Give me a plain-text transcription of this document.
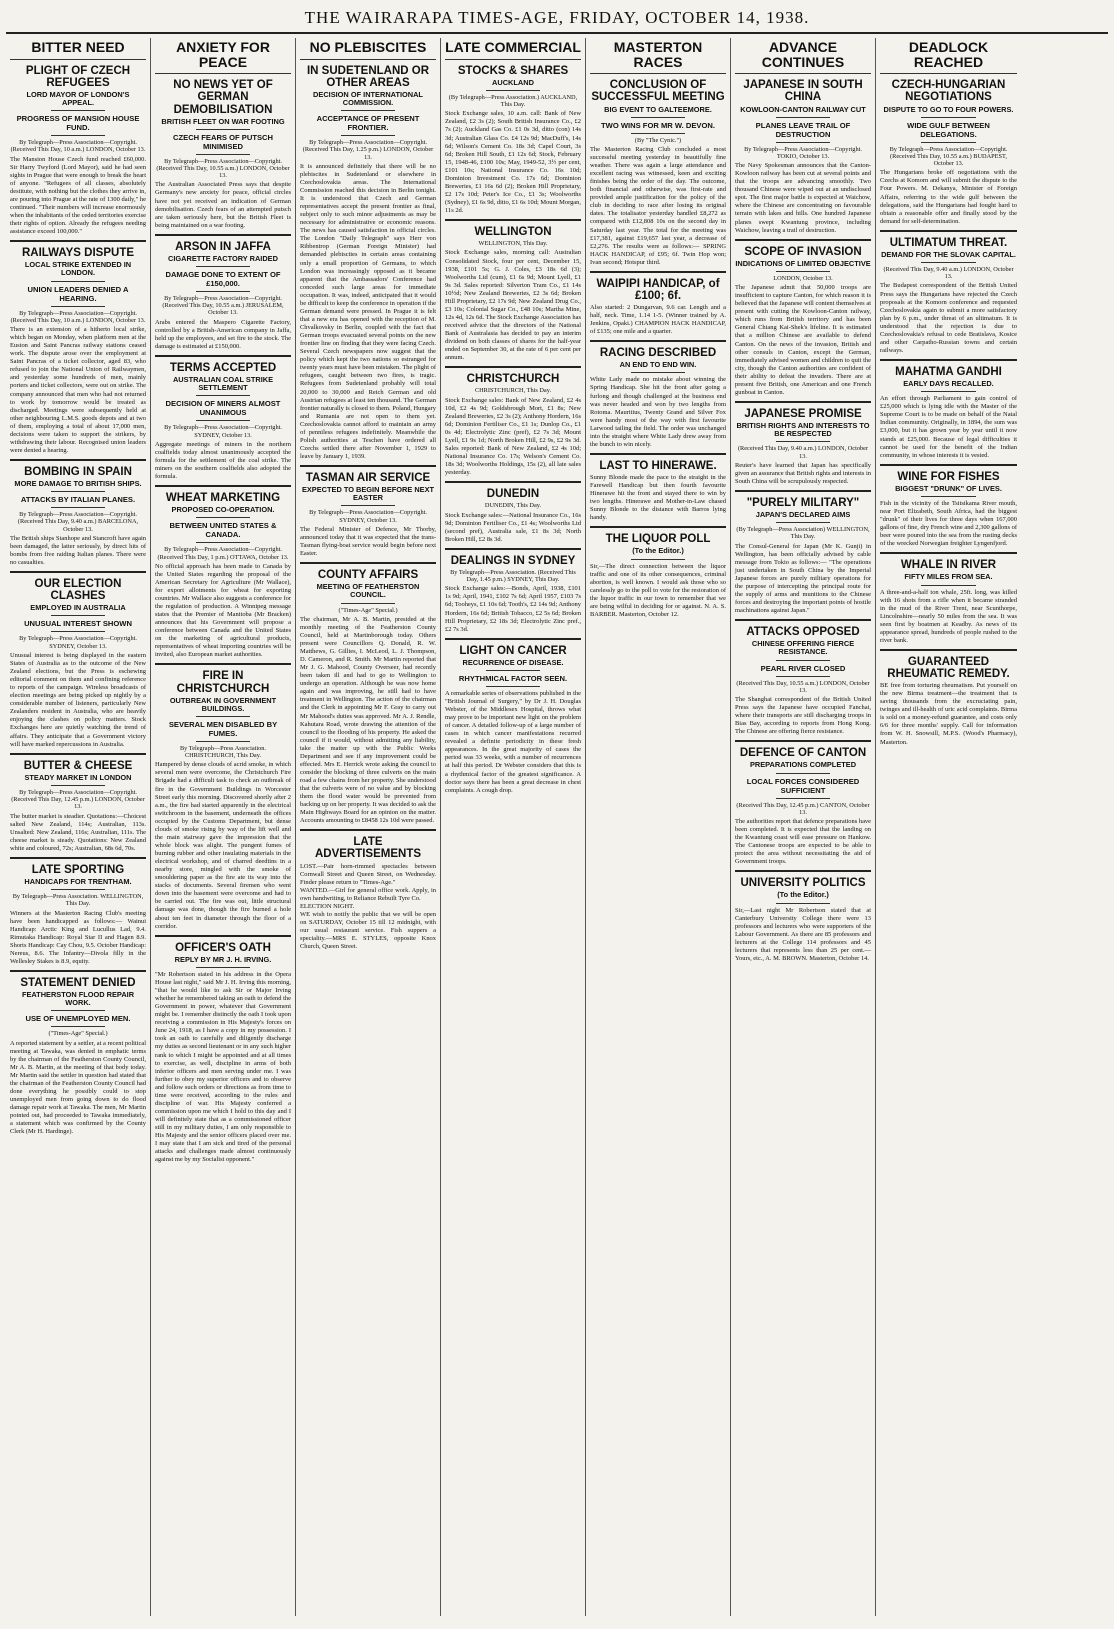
THE WAIRARAPA TIMES-AGE, FRIDAY, OCTOBER 14, 1938.
BITTER NEED
PLIGHT OF CZECH REFUGEES
LORD MAYOR OF LONDON'S APPEAL.
PROGRESS OF MANSION HOUSE FUND.
By Telegraph—Press Association—Copyright. (Received This Day, 10 a.m.) LONDON, October 13.

The Mansion House Czech fund reached £60,000. Sir Harry Twyford (Lord Mayor), said he had seen sights in Prague that were enough to break the heart of anyone. "Refugees of all classes, absolutely destitute, with nothing but the clothes they arrive in, are pouring into Prague at the rate of 1300 daily," he continued. "Their numbers will increase enormously when the inhabitants of the ceded territories exercise their rights of option. Already the refugees needing assistance exceed 100,000."

RAILWAYS DISPUTE
LOCAL STRIKE EXTENDED IN LONDON.
UNION LEADERS DENIED A HEARING.
By Telegraph—Press Association—Copyright. (Received This Day, 10 a.m.) LONDON, October 13.

There is an extension of a hitherto local strike, which began on Monday, when platform men at the Euston and Saint Pancras railway stations ceased work. The dispute arose over the employment at Saint Pancras of a ticket collector, aged 83, who refused to join the National Union of Railwaymen, and yesterday some hundreds of men, mainly porters and ticket collectors, were out on strike. The company announced that men who had not returned to work by tomorrow would be treated as discharged. Meetings were subsequently held at other neighbouring L.M.S. goods depots and at two of them, employing a total of about 17,000 men, decisions were taken to support the strikers, by withdrawing their labour. Recognised union leaders were denied a hearing.

BOMBING IN SPAIN
MORE DAMAGE TO BRITISH SHIPS.
ATTACKS BY ITALIAN PLANES.
By Telegraph—Press Association—Copyright. (Received This Day, 9.40 a.m.) BARCELONA, October 13.

The British ships Stanhope and Stancroft have again been damaged, the latter seriously, by direct hits of bombs from five raiding Italian planes. There were no casualties.

OUR ELECTION CLASHES
EMPLOYED IN AUSTRALIA
UNUSUAL INTEREST SHOWN
By Telegraph—Press Association—Copyright. SYDNEY, October 13.

Unusual interest is being displayed in the eastern States of Australia as to the outcome of the New Zealand elections, but the Press is eschewing editorial comment on them and confining reference to reports of the campaign. Wireless broadcasts of election meetings are being picked up nightly by a considerable number of listeners, particularly New Zealanders resident in Australia, who are heavily enjoying the clashes on policy matters. Stock Exchanges here are quietly watching the trend of affairs. They anticipate that a Government victory will have marked repercussions in Australia.

BUTTER & CHEESE
STEADY MARKET IN LONDON
By Telegraph—Press Association—Copyright. (Received This Day, 12.45 p.m.) LONDON, October 13.

The butter market is steadier. Quotations:—Choicest salted New Zealand, 114s; Australian, 113s. Unsalted: New Zealand, 116s; Australian, 111s. The cheese market is steady. Quotations: New Zealand white and coloured, 72s; Australian, 68s 6d, 70s.

LATE SPORTING
HANDICAPS FOR TRENTHAM.
By Telegraph—Press Association. WELLINGTON, This Day.

Winners at the Masterton Racing Club's meeting have been handicapped as follows:— Wainui Handicap: Arctic King and Lucullus Lad, 9.4. Rimutaka Handicap: Royal Star II and Hagen 8.9. Shorts Handicap: Cay Chou, 9.5. October Handicap: Nereus, 8.6. The Infantry—Divola filly in the Wellesley Stakes is 8.9, equity.

STATEMENT DENIED
FEATHERSTON FLOOD REPAIR WORK.
USE OF UNEMPLOYED MEN.
("Times-Age" Special.)

A reported statement by a settler, at a recent political meeting at Tawaka, was denied in emphatic terms by the chairman of the Featherston County Council, Mr A. B. Martin, at the meeting of that body today. Mr Martin said the settler in question had stated that the chairman of the Featherston County Council had done everything he possibly could to stop unemployed men from going down to do flood damage repair work at Tawaka. The men, Mr Martin pointed out, had proceeded to Tawaka immediately, a statement which was confirmed by the County Clerk (Mr H. Hardinge).

ANXIETY FOR PEACE
NO NEWS YET OF GERMAN DEMOBILISATION
BRITISH FLEET ON WAR FOOTING
CZECH FEARS OF PUTSCH MINIMISED
By Telegraph—Press Association—Copyright. (Received This Day, 10.55 a.m.) LONDON, October 13.

The Australian Associated Press says that despite Germany's new anxiety for peace, official circles have not yet received an indication of German demobilisation. Czech fears of an attempted putsch are taken seriously here, but the British Fleet is being maintained on a war footing.

ARSON IN JAFFA
CIGARETTE FACTORY RAIDED
DAMAGE DONE TO EXTENT OF £150,000.
By Telegraph—Press Association—Copyright. (Received This Day, 10.55 a.m.) JERUSALEM, October 13.

Arabs entered the Maspero Cigarette Factory, controlled by a British-American company in Jaffa, held up the employees, and set fire to the stock. The damage is estimated at £150,000.

TERMS ACCEPTED
AUSTRALIAN COAL STRIKE SETTLEMENT
DECISION OF MINERS ALMOST UNANIMOUS
By Telegraph—Press Association—Copyright. SYDNEY, October 13.

Aggregate meetings of miners in the northern coalfields today almost unanimously accepted the formula for the settlement of the coal strike. The miners on the southern coalfields also adopted the formula.

WHEAT MARKETING
PROPOSED CO-OPERATION.
BETWEEN UNITED STATES & CANADA.
By Telegraph—Press Association—Copyright. (Received This Day, 1 p.m.) OTTAWA, October 13.

No official approach has been made to Canada by the United States regarding the proposal of the American Secretary for Agriculture (Mr Wallace), for export allotments for wheat for exporting countries. Mr Wallace also suggests a conference for the regulation of production. A Winnipeg message states that the Premier of Manitoba (Mr Bracken) announces that his Government will propose a conference between Canada and the United States on the marketing of agricultural products, representatives of wheat importing countries will be invited, also European market authorities.

FIRE IN CHRISTCHURCH
OUTBREAK IN GOVERNMENT BUILDINGS.
SEVERAL MEN DISABLED BY FUMES.
By Telegraph—Press Association. CHRISTCHURCH, This Day.

Hampered by dense clouds of acrid smoke, in which several men were overcome, the Christchurch Fire Brigade had a difficult task to check an outbreak of fire in the Government Buildings in Worcester Street early this morning. Discovered shortly after 2 a.m., the fire had started apparently in the electrical switchroom in the basement, underneath the offices occupied by the Customs Department, but dense clouds of smoke rising by way of the lift well and the main stairway gave the impression that the whole block was alight. The pungent fumes of burning rubber and other insulating materials in the electrical workshop, and of charred deedtins in a nearby store, mingled with the smoke of smouldering paper as the fire ate its way into the stacks of documents. Several firemen who went down into the basement were overcome and had to be carried out. The fire was out, little structural damage was done, though the fire burned a hole about ten feet in diameter through the floor of a corridor.

OFFICER'S OATH
REPLY BY MR J. H. IRVING.

"Mr Robertson stated in his address in the Opera House last night," said Mr J. H. Irving this morning, "that he would like to ask Sir or Major Irving whether he remembered taking an oath to defend the Government in power, whatever that Government might be. I remember distinctly the oath I took upon receiving a commission in His Majesty's forces on June 24, 1918, as I have a copy in my possession. I took an oath to carefully and diligently discharge my duties as second lieutenant or in any such higher rank to which I might be appointed and at all times to exercise, as well, discipline in arms of both inferior officers and men serving under me. I was further to obey my superior officers and to observe and follow such orders or directions as from time to time were received, according to the rules and discipline of war. His Majesty conferred a commission upon me which I hold to this day and I will definitely state that as a commissioned officer still in my military duties, I am only responsible to His Majesty and the senior officers placed over me. I may state that I am sick and tired of the personal attacks and challenges made almost continuously against me by my Socialist opponent."

NO PLEBISCITES
IN SUDETENLAND OR OTHER AREAS
DECISION OF INTERNATIONAL COMMISSION.
ACCEPTANCE OF PRESENT FRONTIER.
By Telegraph—Press Association—Copyright. (Received This Day, 1.25 p.m.) LONDON, October 13.

It is announced definitely that there will be no plebiscites in Sudetenland or elsewhere in Czechoslovakia areas. The International Commission reached this decision in Berlin tonight. It is understood that Czech and German representatives accept the present frontier as final, subject only to such minor adjustments as may be necessary for administrative or economic reasons. The news has caused satisfaction in official circles. The London "Daily Telegraph" says Herr von Ribbentrop (German Foreign Minister) had demanded plebiscites in certain areas containing only a small proportion of Germans, to which London was increasingly opposed as it became apparent that the Ambassadors' Conference had conceded such large areas for immediate occupation. It was, indeed, anticipated that it would be difficult to keep the conference in operation if the German demand were pressed. In Prague it is felt that a new era has opened with the reception of M. Chvalkovsky in Berlin, coupled with the fact that German troops evacuated several points on the new frontier line on finding that they were facing Czech. Several Czech newspapers now suggest that the policy which kept the two nations so estranged for twenty years must have been mistaken. The plight of refugees, caught between two fires, is tragic. Refugees from Sudetenland probably will total 20,000 to 30,000 and Reich German and old Austrian refugees at least ten thousand. The German frontier naturally is closed to them. Poland, Hungary and Rumania are not open to them yet. Czechoslovakia cannot afford to maintain an army of penniless refugees indefinitely. Meanwhile the Polish authorities at Teschen have ordered all Czechs settled there after November 1, 1929 to leave by January 1, 1939.

TASMAN AIR SERVICE
EXPECTED TO BEGIN BEFORE NEXT EASTER
By Telegraph—Press Association—Copyright. SYDNEY, October 13.

The Federal Minister of Defence, Mr Thorby, announced today that it was expected that the trans-Tasman flying-boat service would begin before next Easter.

COUNTY AFFAIRS
MEETING OF FEATHERSTON COUNCIL.
("Times-Age" Special.)

The chairman, Mr A. B. Martin, presided at the monthly meeting of the Featherston County Council, held at Martinborough today. Others present were Councillors Q. Donald, R. W. Matthews, G. Gillies, I. McLeod, L. J. Thompson, D. Cameron, and R. Smith. Mr Martin reported that Mr J. G. Mahood, County Overseer, had recently been taken ill and had to go to Wellington to undergo an operation. Although he was now home again and was improving, he still had to have treatment in Wellington. The action of the chairman and the Clerk in appointing Mr F. Gray to carry out Mr Mahood's duties was approved. Mr A. J. Rendle, Kahutara Road, wrote drawing the attention of the council to the flooding of his property. He asked the council if it would, without admitting any liability, take the matter up with the Public Works Department and see if any improvement could be effected. Mrs E. Herrick wrote asking the council to consider the blocking of three culverts on the main road a few chains from her property. She understood that the culverts were of no value and by blocking them the flood water would be prevented from backing up on her property. It was decided to ask the Main Highways Board for an opinion on the matter. Accounts amounting to £8458 12s 10d were passed.

LATE ADVERTISEMENTS

LOST.—Pair horn-rimmed spectacles between Cornwall Street and Queen Street, on Wednesday. Finder please return to "Times-Age."
WANTED.—Girl for general office work. Apply, in own handwriting, to Reliance Rebuilt Tyre Co.
ELECTION NIGHT.
WE wish to notify the public that we will be open on SATURDAY, October 15 till 12 midnight, with our usual restaurant service. Fish suppers a speciality.—MRS E. STYLES, opposite Knox Church, Queen Street.

LATE COMMERCIAL
STOCKS & SHARES
AUCKLAND
(By Telegraph—Press Association.) AUCKLAND, This Day.

Stock Exchange sales, 10 a.m. call: Bank of New Zealand, £2 3s (2); South British Insurance Co., £2 7s (2); Auckland Gas Co. £1 0s 3d, ditto (con) 14s 3d; Australian Glass Co. £4 12s 9d; MacDuff's, 14s 6d; Wilson's Cement Co. 18s 3d; Capel Court, 3s 6d; Broken Hill South, £1 12s 6d; Stock, February 15, 1948-46, £100 10s; May, 1949-52, 3½ per cent, £101 10s; National Insurance Co. 16s 10d; Dominion Investment Co. 17s 6d; Dominion Breweries, £1 16s 6d (2); Broken Hill Proprietary, £2 17s 10d; Peter's Ice Co., £1 3s; Woolworths (Sydney), £1 6s 9d, ditto, £1 6s 10d; Mount Morgan, 11s 2d.

WELLINGTON
WELLINGTON, This Day.

Stock Exchange sales, morning call: Australian Consolidated Stock, four per cent, December 15, 1938, £101 5s; G. J. Coles, £3 18s 6d (3); Woolworths Ltd (cum), £1 6s 9d; Mount Lyell, £1 9s 3d. Sales reported: Silverton Tram Co., £1 14s 10½d; New Zealand Breweries, £2 3s 6d; Broken Hill Proprietary, £2 17s 9d; New Zealand Drug Co., £3 10s; Colonial Sugar Co., £48 10s; Martha Mine, 12s 4d, 12s 6d. The Stock Exchange Association has received advice that the directors of the National Bank of Australasia has decided to pay an interim dividend on both classes of shares for the half-year ended on September 30, at the rate of 6 per cent per annum.

CHRISTCHURCH
CHRISTCHURCH, This Day.

Stock Exchange sales: Bank of New Zealand, £2 4s 10d, £2 4s 9d; Goldsbrough Mort, £1 8s; New Zealand Breweries, £2 3s (2); Anthony Hordern, 16s 6d; Dominion Fertiliser Co., £1 1s; Dunlop Co., £1 0s 4d; Electrolytic Zinc (pref), £2 7s 3d; Mount Lyell, £1 9s 1d; North Broken Hill, £2 9s, £2 9s 3d. Sales reported: Bank of New Zealand, £2 4s 10d; National Insurance Co. 17s; Welson's Cement Co. 18s 3d; Woolworths Holdings, 15s (2), all late sales yesterday.

DUNEDIN
DUNEDIN, This Day.

Stock Exchange sales:—National Insurance Co., 16s 9d; Dominion Fertiliser Co., £1 4s; Woolworths Ltd (second pref), Australia sale, £1 8s 3d; North Broken Hill, £2 8s 3d.

DEALINGS IN SYDNEY
By Telegraph—Press Association. (Received This Day, 1.45 p.m.) SYDNEY, This Day.

Stock Exchange sales:—Bonds, April, 1938, £101 1s 9d; April, 1941, £102 7s 6d; April 1957, £103 7s 6d; Tooheys, £1 10s 6d; Tooth's, £2 14s 9d; Anthony Hordern, 16s 6d; British Tobacco, £2 5s 6d; Broken Hill Proprietary, £2 18s 3d; Electrolytic Zinc pref., £2 7s 3d.

LIGHT ON CANCER
RECURRENCE OF DISEASE.
RHYTHMICAL FACTOR SEEN.

A remarkable series of observations published in the "British Journal of Surgery," by Dr J. H. Douglas Webster, of the Middlesex Hospital, throws what may prove to be important new light on the problem of cancer. A detailed follow-up of a large number of cases in which cancer manifestations recurred revealed a definite periodicity in these fresh appearances. In the great majority of cases the period was 33 weeks, with a number of recurrences at half this period. Dr Webster considers that this is a rhythmical factor of the greatest significance. A doctor says there has been a great decrease in chest complaints. A cough drop.

MASTERTON RACES
CONCLUSION OF SUCCESSFUL MEETING
BIG EVENT TO GALTEEMORE.
TWO WINS FOR MR W. DEVON.
(By "The Cynic.")

The Masterton Racing Club concluded a most successful meeting yesterday in beautifully fine weather. There was again a large attendance and excellent racing was witnessed, keen and exciting finishes being the order of the day. The outcome, both financial and otherwise, was first-rate and provided ample justification for the policy of the club in deciding to race after losing its original dates. The totalisator yesterday handled £8,272 as compared with £12,808 10s on the second day in Saturday last year. The total for the meeting was £17,381, against £19,657 last year, a decrease of £2,276. The results were as follows:— SPRING HACK HANDICAP, of £95; 6f. Twin Hop won; Ivan second; Hotspur third.

WAIPIPI HANDICAP, of £100; 6f.

Also started: 2 Dungarvan, 9.6 car. Length and a half, neck. Time, 1.14 1-5. (Winner trained by A. Jenkins, Opaki.) CHAMPION HACK HANDICAP, of £135; one mile and a quarter.

RACING DESCRIBED
AN END TO END WIN.

White Lady made no mistake about winning the Spring Handicap. She hit the front after going a furlong and though challenged at the business end was never headed and won by two lengths from Rotoma. Mauritius, Twenty Grand and Silver Fox were handy most of the way with first favourite Larwood tailing the field. The order was unchanged into the straight where White Lady drew away from the bunch to win nicely.

LAST TO HINERAWE.

Sunny Blonde made the pace to the straight in the Farewell Handicap but then fourth favourite Hinerawe hit the front and stayed there to win by two lengths. Hinerawe and Mother-in-Law chased Sunny Blonde to the distance with Barros lying handy.

THE LIQUOR POLL
(To the Editor.)

Sir,—The direct connection between the liquor traffic and one of its other consequences, criminal abortion, is well known. I would ask those who so carelessly go to the poll to vote for the restoration of the liquor traffic in our town to remember that we are being wilful in deciding for or against. N. A. S. BARBER. Masterton, October 12.

ADVANCE CONTINUES
JAPANESE IN SOUTH CHINA
KOWLOON-CANTON RAILWAY CUT
PLANES LEAVE TRAIL OF DESTRUCTION
By Telegraph—Press Association—Copyright. TOKIO, October 13.

The Navy Spokesman announces that the Canton-Kowloon railway has been cut at several points and that the troops are advancing smoothly. Two thousand Chinese were wiped out at an undisclosed spot. The first major battle is expected at Waichow, where the Chinese are concentrating on favourable terrain with lakes and hills. One hundred Japanese planes swept Kwantung province, including Waichow, leaving a trail of destruction.

SCOPE OF INVASION
INDICATIONS OF LIMITED OBJECTIVE
LONDON, October 13.

The Japanese admit that 50,000 troops are insufficient to capture Canton, for which reason it is believed that the Japanese will content themselves at present with cutting the Kowloon-Canton railway, which runs from British territory and has been General Chiang Kai-Shek's lifeline. It is estimated that a million Chinese are available to defend Canton. On the news of the invasion, British and other consuls in Canton, except the German, immediately advised women and children to quit the city, though the Canton authorities are confident of their ability to defeat the invaders. There are at present five British, one American and one French gunboat in Canton.

JAPANESE PROMISE
BRITISH RIGHTS AND INTERESTS TO BE RESPECTED
(Received This Day, 9.40 a.m.) LONDON, October 13.

Reuter's have learned that Japan has specifically given an assurance that British rights and interests in South China will be scrupulously respected.

"PURELY MILITARY"
JAPAN'S DECLARED AIMS
(By Telegraph—Press Association) WELLINGTON, This Day.

The Consul-General for Japan (Mr K. Gunji) in Wellington, has been officially advised by cable message from Tokio as follows:— "The operations just undertaken in South China by the Imperial Japanese forces are purely military operations for the purpose of intercepting the principal route for the supply of arms and munitions to the Chinese forces and destroying the important points of hostile machinations against Japan."

ATTACKS OPPOSED
CHINESE OFFERING FIERCE RESISTANCE.
PEARL RIVER CLOSED
(Received This Day, 10.55 a.m.) LONDON, October 13.

The Shanghai correspondent of the British United Press says the Japanese have occupied Fanchai, where their transports are still discharging troops in Bias Bay, according to reports from Hong Kong. The Chinese are offering fierce resistance.

DEFENCE OF CANTON
PREPARATIONS COMPLETED
LOCAL FORCES CONSIDERED SUFFICIENT
(Received This Day, 12.45 p.m.) CANTON, October 13.

The authorities report that defence preparations have been completed. It is expected that the landing on the Kwantung coast will ease pressure on Hankow. The Cantonese troops are expected to be able to protect the area without necessitating the aid of Government troops.

UNIVERSITY POLITICS
(To the Editor.)

Sir,—Last night Mr Robertson stated that at Canterbury University College there were 13 professors and lecturers who were supporters of the Labour Government. As there are 85 professors and lecturers at the College 114 professors and 45 lecturers that represents less than 25 per cent.—Yours, etc., A. M. BROWN. Masterton, October 14.

DEADLOCK REACHED
CZECH-HUNGARIAN NEGOTIATIONS
DISPUTE TO GO TO FOUR POWERS.
WIDE GULF BETWEEN DELEGATIONS.
By Telegraph—Press Association—Copyright. (Received This Day, 10.55 a.m.) BUDAPEST, October 13.

The Hungarians broke off negotiations with the Czechs at Komorn and will submit the dispute to the Four Powers. M. Dekanya, Minister of Foreign Affairs, referring to the wide gulf between the delegations, said the Hungarians had fought hard to obtain a reasonable offer and finally stood by the demand for self-determination.

ULTIMATUM THREAT.
DEMAND FOR THE SLOVAK CAPITAL.
(Received This Day, 9.40 a.m.) LONDON, October 13.

The Budapest correspondent of the British United Press says the Hungarians have rejected the Czech proposals at the Komorn conference and requested Czechoslovakia again to submit a more satisfactory plan by 6 p.m., under threat of an ultimatum. It is understood that the rejection is due to Czechoslovakia's refusal to cede Bratislava, Kosice and other Carpatho-Russian towns and certain railways.

MAHATMA GANDHI
EARLY DAYS RECALLED.

An effort through Parliament to gain control of £25,000 which is lying idle with the Master of the Supreme Court is to be made on behalf of the Natal Indian community. Originally, in 1894, the sum was £3,000, but it has grown year by year until it now stands at £25,000. Because of legal difficulties it cannot be used for the benefit of the Indian community, in whose interests it is vested.

WINE FOR FISHES
BIGGEST "DRUNK" OF LIVES.

Fish in the vicinity of the Tsitsikama River mouth, near Port Elizabeth, South Africa, had the biggest "drunk" of their lives for three days when 167,000 gallons of fine, dry French wine and 2,300 gallons of beer were poured into the sea from the rusting decks of the wrecked Norwegian freighter Lyngenfjord.

WHALE IN RIVER
FIFTY MILES FROM SEA.

A three-and-a-half ton whale, 25ft. long, was killed with 16 shots from a rifle when it became stranded in the mud of the River Trent, near Scunthorpe, Lincolnshire—nearly 50 miles from the sea. It was seen first by boatmen at Keadby. As news of its appearance spread, hundreds of people rushed to the river bank.

GUARANTEED RHEUMATIC REMEDY.

BE free from torturing rheumatism. Put yourself on the new Birma treatment—the treatment that is saving thousands from the excruciating pain, twinges and ill-health of uric acid complaints. Birma is sold on a money-refund guarantee, and costs only 6/6 for three months' supply. Call for information from W. H. Snowsill, M.P.S. (Wood's Pharmacy), Masterton.
